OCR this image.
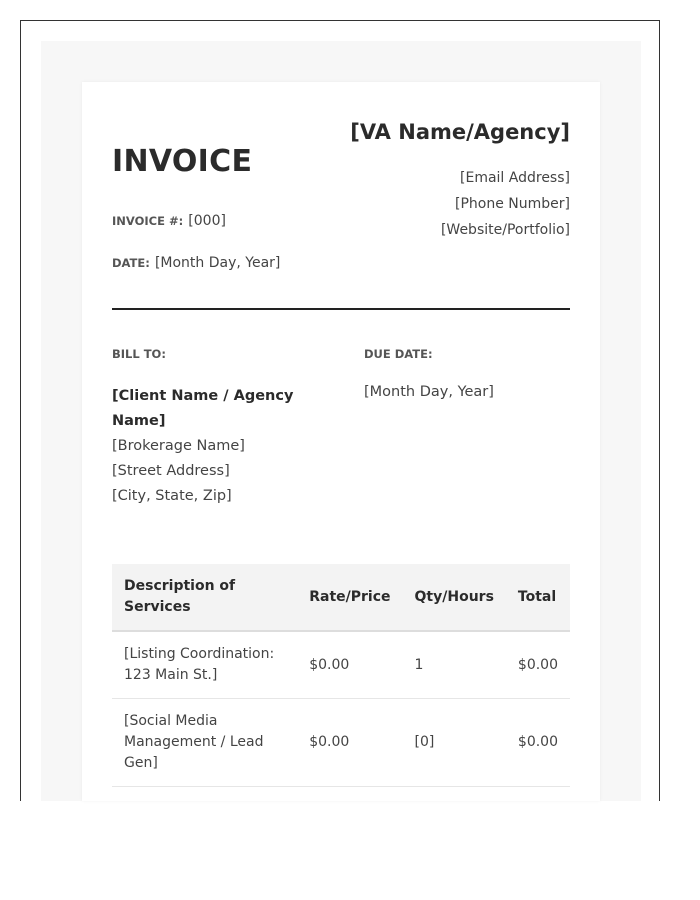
INVOICE
[VA Name/Agency]
[Email Address]
[Phone Number]
[Website/Portfolio]
INVOICE #: [000]
DATE: [Month Day, Year]
BILL TO:	DUE DATE:
[Client Name / Agency
Name]
[Brokerage Name]
[Street Address]
[City, State, Zip]
[Month Day, Year]
Description of Services	Rate/Price	Qty/Hours	Total
[Listing Coordination: 123 Main St.]	$0.00	1	$0.00
[Social Media Management / Lead Gen]	$0.00	[0]	$0.00
